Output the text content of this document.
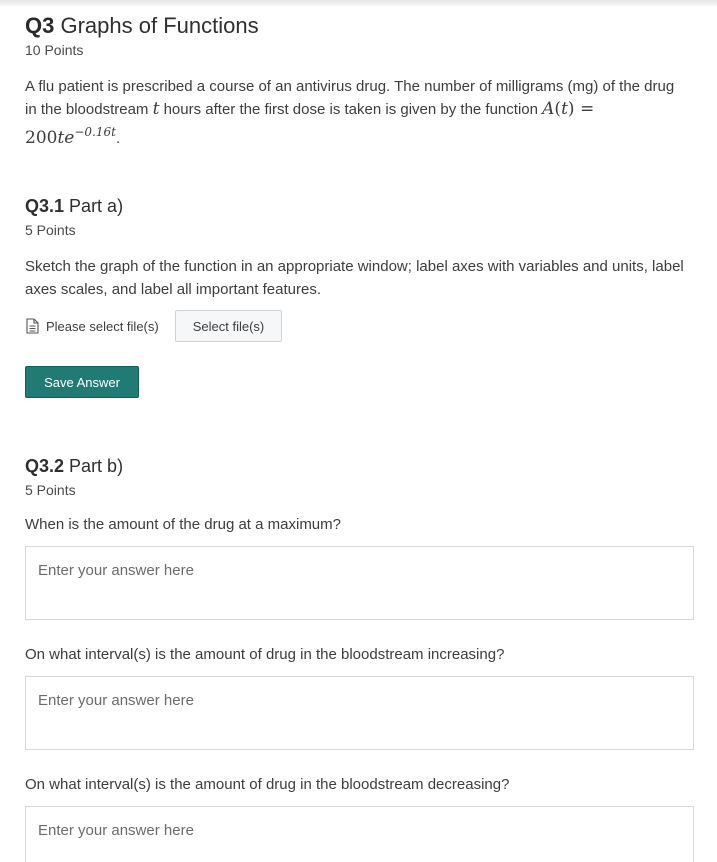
Q3 Graphs of Functions
10 Points
A flu patient is prescribed a course of an antivirus drug. The number of milligrams (mg) of the drug in the bloodstream t hours after the first dose is taken is given by the function A(t) =
$200te^{-0.16t}$.
Q3.1 Part a)
5 Points
Sketch the graph of the function in an appropriate window; label axes with variables and units, label axes scales, and label all important features.
Please select file(s)	Select file(s)
Save Answer
Q3.2 Part b)
5 Points
When is the amount of the drug at a maximum?
Enter your answer here
On what interval(s) is the amount of drug in the bloodstream increasing?
Enter your answer here
On what interval(s) is the amount of drug in the bloodstream decreasing?
Enter your answer here
